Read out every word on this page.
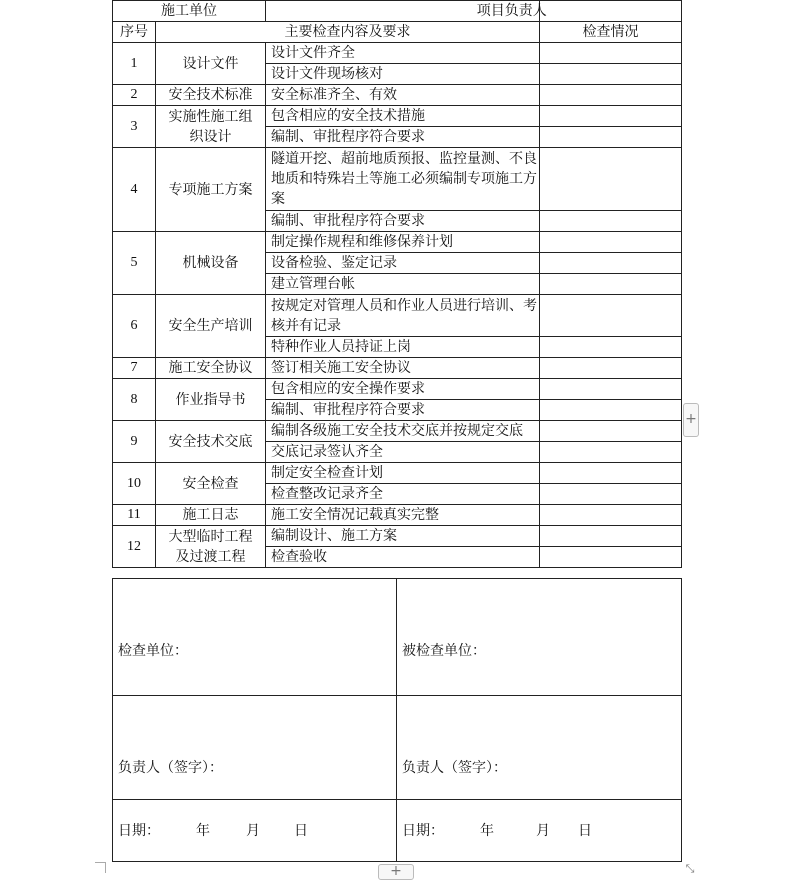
施工单位		项目负责人	
序号	主要检查内容及要求		检查情况
1	设计文件	设计文件齐全	
		设计文件现场核对	
2	安全技术标准	安全标准齐全、有效	
3	实施性施工组织设计	包含相应的安全技术措施	
		编制、审批程序符合要求	
4	专项施工方案	隧道开挖、超前地质预报、监控量测、不良地质和特殊岩土等施工必须编制专项施工方案	
		编制、审批程序符合要求	
5	机械设备	制定操作规程和维修保养计划	
		设备检验、鉴定记录	
		建立管理台帐	
6	安全生产培训	按规定对管理人员和作业人员进行培训、考核并有记录	
		特种作业人员持证上岗	
7	施工安全协议	签订相关施工安全协议	
8	作业指导书	包含相应的安全操作要求	
		编制、审批程序符合要求	
9	安全技术交底	编制各级施工安全技术交底并按规定交底	
		交底记录签认齐全	
10	安全检查	制定安全检查计划	
		检查整改记录齐全	
11	施工日志	施工安全情况记载真实完整	
12	大型临时工程及过渡工程	编制设计、施工方案	
		检查验收	
检查单位：	被检查单位：

负责人（签字）：	负责人（签字）：

日期： 年 月 日	日期： 年 月 日
+
+	⤡
